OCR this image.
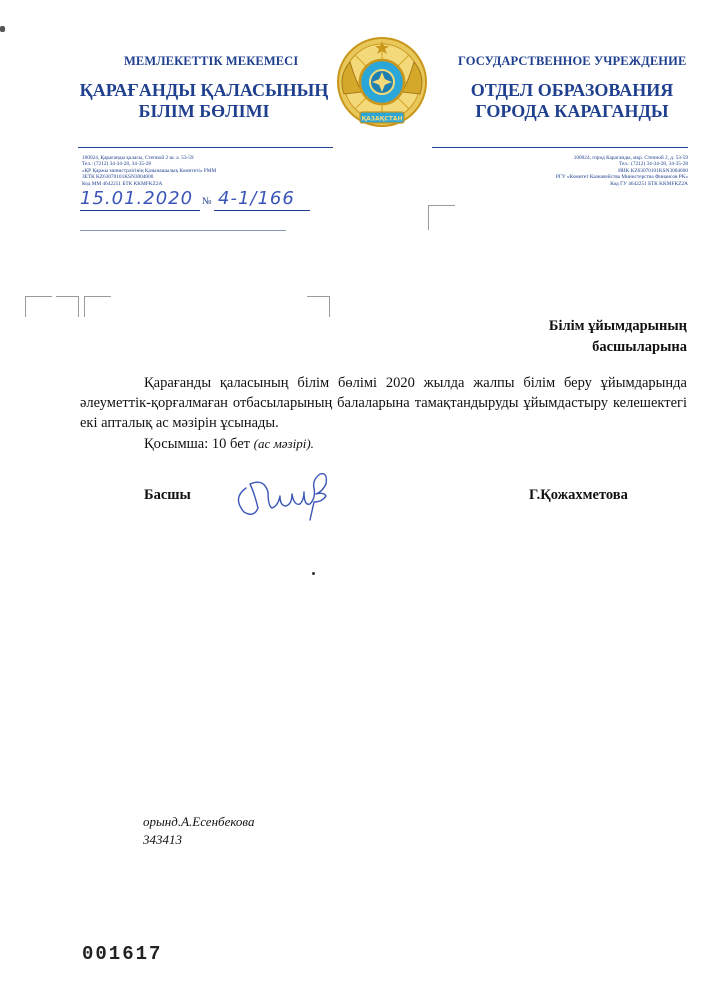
МЕМЛЕКЕТТІК МЕКЕМЕСІ
ҚАРАҒАНДЫ ҚАЛАСЫНЫҢ
БІЛІМ БӨЛІМІ
ГОСУДАРСТВЕННОЕ УЧРЕЖДЕНИЕ
ОТДЕЛ ОБРАЗОВАНИЯ
ГОРОДА КАРАГАНДЫ
ҚАЗАҚСТАН
100024, Қарағанды қаласы, Степной 2 ш. ә. 53-59
Тел.: (7212) 34-34-28, 34-35-28
«ҚР Қаржы министрлігінің Қазынашылық Комитеті» РММ
ЗЕТК KZ63070101KSN3004000
Код ММ 4642251 БТК KKMFKZ2A
100024, город Караганды, мкр. Степной 2, д. 53-59
Тел.: (7212) 34-34-28, 34-35-28
ИИК KZ63070101KSN3004000
РГУ «Комитет Казначейства Министерства Финансов РК»
Код ГУ 4642251 БТК KKMFKZ2A
15.01.2020 № 4-1/166
Білім ұйымдарының
басшыларына
Қарағанды қаласының білім бөлімі 2020 жылда жалпы білім беру ұйымдарында әлеуметтік-қорғалмаған отбасыларының балаларына тамақтандыруды ұйымдастыру келешектегі екі апталық ас мәзірін ұсынады.
Қосымша: 10 бет (ас мәзірі).
Басшы	Г.Қожахметова
орынд.А.Есенбекова
343413
001617
